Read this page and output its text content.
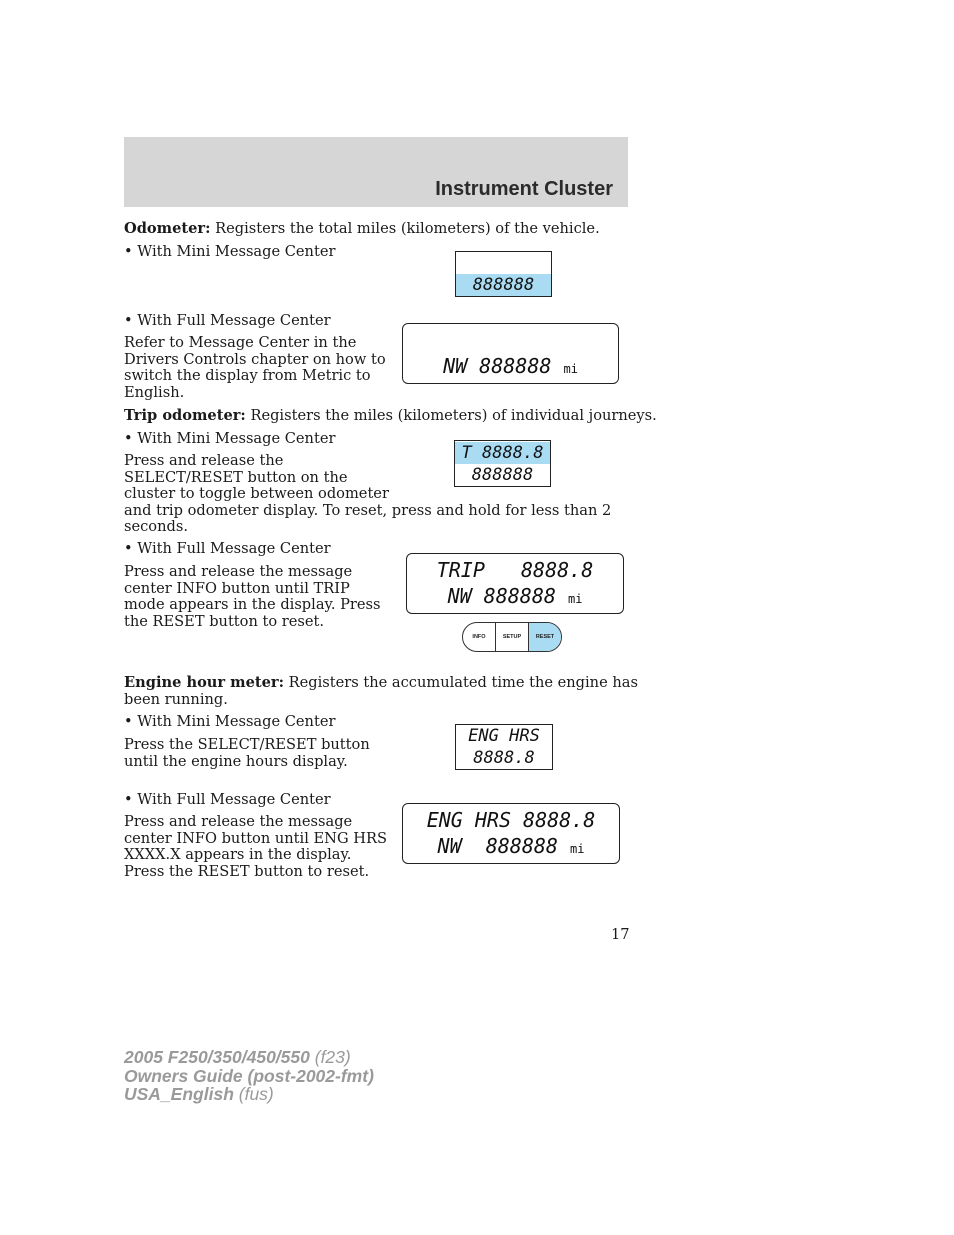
Instrument Cluster
Odometer: Registers the total miles (kilometers) of the vehicle.
• With Mini Message Center
888888
• With Full Message Center
Refer to Message Center in the
Drivers Controls chapter on how to
switch the display from Metric to
English.
NW 888888 mi
Trip odometer: Registers the miles (kilometers) of individual journeys.
• With Mini Message Center
Press and release the
SELECT/RESET button on the
cluster to toggle between odometer
and trip odometer display. To reset, press and hold for less than 2
seconds.
T 8888.8
888888
• With Full Message Center
Press and release the message
center INFO button until TRIP
mode appears in the display. Press
the RESET button to reset.
TRIP   8888.8
NW 888888 mi
INFO	SETUP	RESET
Engine hour meter: Registers the accumulated time the engine has
been running.
• With Mini Message Center
Press the SELECT/RESET button
until the engine hours display.
ENG HRS
8888.8
• With Full Message Center
Press and release the message
center INFO button until ENG HRS
XXXX.X appears in the display.
Press the RESET button to reset.
ENG HRS 8888.8
NW  888888 mi
17
2005 F250/350/450/550 (f23)
Owners Guide (post-2002-fmt)
USA_English (fus)
